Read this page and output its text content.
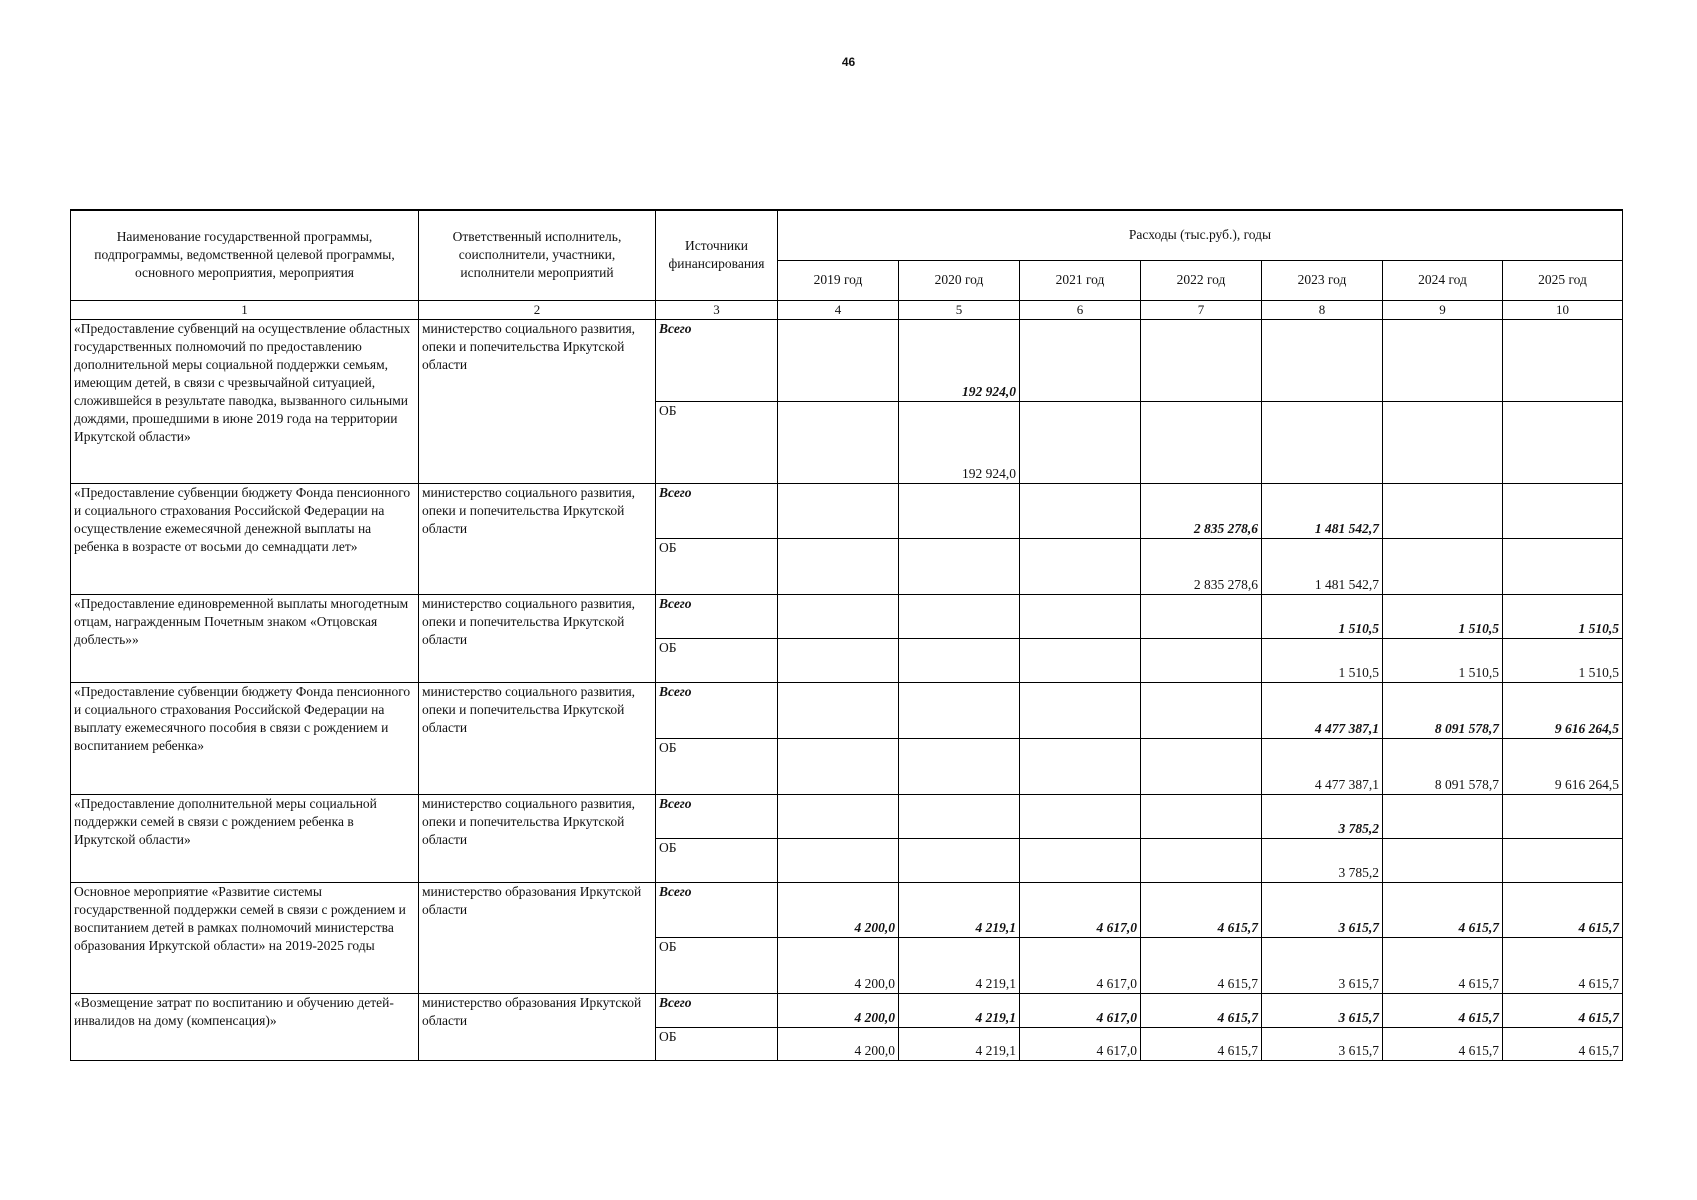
46
Наименование государственной программы, подпрограммы, ведомственной целевой программы, основного мероприятия, мероприятия	Ответственный исполнитель, соисполнители, участники, исполнители мероприятий	Источники финансирования	Расходы (тыс.руб.), годы						
			2019 год	2020 год	2021 год	2022 год	2023 год	2024 год	2025 год
1	2	3	4	5	6	7	8	9	10
«Предоставление субвенций на осуществление областных государственных полномочий по предоставлению дополнительной меры социальной поддержки семьям, имеющим детей, в связи с чрезвычайной ситуацией, сложившейся в результате паводка, вызванного сильными дождями, прошедшими в июне 2019 года на территории Иркутской области»	министерство социального развития, опеки и попечительства Иркутской области	Всего		192 924,0					
		ОБ		192 924,0					
«Предоставление субвенции бюджету Фонда пенсионного и социального страхования Российской Федерации на осуществление ежемесячной денежной выплаты на ребенка в возрасте от восьми до семнадцати лет»	министерство социального развития, опеки и попечительства Иркутской области	Всего				2 835 278,6	1 481 542,7		
		ОБ				2 835 278,6	1 481 542,7		
«Предоставление единовременной выплаты многодетным отцам, награжденным Почетным знаком «Отцовская доблесть»»	министерство социального развития, опеки и попечительства Иркутской области	Всего					1 510,5	1 510,5	1 510,5
		ОБ					1 510,5	1 510,5	1 510,5
«Предоставление субвенции бюджету Фонда пенсионного и социального страхования Российской Федерации на выплату ежемесячного пособия в связи с рождением и воспитанием ребенка»	министерство социального развития, опеки и попечительства Иркутской области	Всего					4 477 387,1	8 091 578,7	9 616 264,5
		ОБ					4 477 387,1	8 091 578,7	9 616 264,5
«Предоставление дополнительной меры социальной поддержки семей в связи с рождением ребенка в Иркутской области»	министерство социального развития, опеки и попечительства Иркутской области	Всего					3 785,2		
		ОБ					3 785,2		
Основное мероприятие «Развитие системы государственной поддержки семей в связи с рождением и воспитанием детей в рамках полномочий министерства образования Иркутской области» на 2019-2025 годы	министерство образования Иркутской области	Всего	4 200,0	4 219,1	4 617,0	4 615,7	3 615,7	4 615,7	4 615,7
		ОБ	4 200,0	4 219,1	4 617,0	4 615,7	3 615,7	4 615,7	4 615,7
«Возмещение затрат по воспитанию и обучению детей-инвалидов на дому (компенсация)»	министерство образования Иркутской области	Всего	4 200,0	4 219,1	4 617,0	4 615,7	3 615,7	4 615,7	4 615,7
		ОБ	4 200,0	4 219,1	4 617,0	4 615,7	3 615,7	4 615,7	4 615,7
